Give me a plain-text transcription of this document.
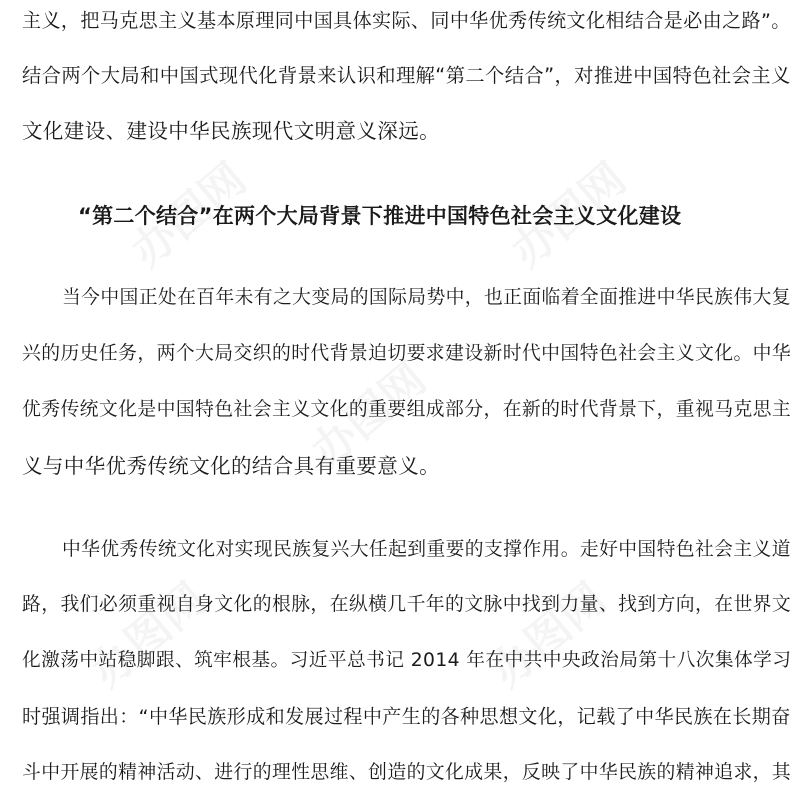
主义，把马克思主义基本原理同中国具体实际、同中华优秀传统文化相结合是必由之路”。
结合两个大局和中国式现代化背景来认识和理解“第二个结合”，对推进中国特色社会主义
文化建设、建设中华民族现代文明意义深远。
“第二个结合”在两个大局背景下推进中国特色社会主义文化建设
当今中国正处在百年未有之大变局的国际局势中，也正面临着全面推进中华民族伟大复
兴的历史任务，两个大局交织的时代背景迫切要求建设新时代中国特色社会主义文化。中华
优秀传统文化是中国特色社会主义文化的重要组成部分，在新的时代背景下，重视马克思主
义与中华优秀传统文化的结合具有重要意义。
中华优秀传统文化对实现民族复兴大任起到重要的支撑作用。走好中国特色社会主义道
路，我们必须重视自身文化的根脉，在纵横几千年的文脉中找到力量、找到方向，在世界文
化激荡中站稳脚跟、筑牢根基。习近平总书记 2014 年在中共中央政治局第十八次集体学习
时强调指出：“中华民族形成和发展过程中产生的各种思想文化，记载了中华民族在长期奋
斗中开展的精神活动、进行的理性思维、创造的文化成果，反映了中华民族的精神追求，其
